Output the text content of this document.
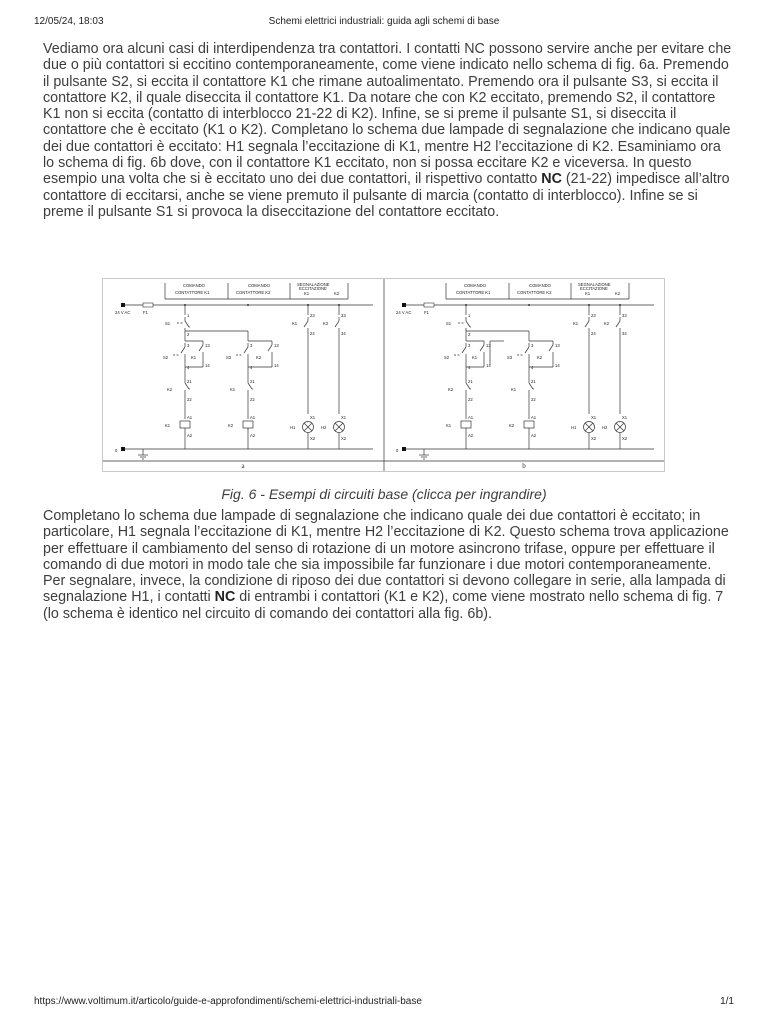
12/05/24, 18:03	Schemi elettrici industriali: guida agli schemi di base

Vediamo ora alcuni casi di interdipendenza tra contattori. I contatti NC possono servire anche per evitare che due o più contattori si eccitino contemporaneamente, come viene indicato nello schema di fig. 6a. Premendo il pulsante S2, si eccita il contattore K1 che rimane autoalimentato. Premendo ora il pulsante S3, si eccita il contattore K2, il quale diseccita il contattore K1. Da notare che con K2 eccitato, premendo S2, il contattore K1 non si eccita (contatto di interblocco 21-22 di K2). Infine, se si preme il pulsante S1, si diseccita il contattore che è eccitato (K1 o K2). Completano lo schema due lampade di segnalazione che indicano quale dei due contattori è eccitato: H1 segnala l’eccitazione di K1, mentre H2 l’eccitazione di K2. Esaminiamo ora lo schema di fig. 6b dove, con il contattore K1 eccitato, non si possa eccitare K2 e viceversa. In questo esempio una volta che si è eccitato uno dei due contattori, il rispettivo contatto NC (21-22) impedisce all’altro contattore di eccitarsi, anche se viene premuto il pulsante di marcia (contatto di interblocco). Infine se si preme il pulsante S1 si provoca la diseccitazione del contattore eccitato.

COMANDO
CONTATTORE K1
COMANDO
CONTATTORE K2
SEGNALAZIONE
ECCITAZIONE
K1	K2
24 V AC	F1
0
1
S1
2
3
S2
4
13
14
K1
21
K2
22
A1
K1
A2
3
S3
13
14
K2
4
21
K1
22
A1
K2
A2
23
K1
24
X1
H1
X2
33
K2
34
X1
H2
X2
a
COMANDO
CONTATTORE K1
COMANDO
CONTATTORE K2
SEGNALAZIONE
ECCITAZIONE
K1	K2
24 V AC	F1
0
1
S1
2
3
S2
4
13
14
K1
21
K2
22
A1
K1
A2
3
S3
13
14
K2
4
21
K1
22
A1
K2
A2
23
K1
24
X1
H1
X2
33
K2
34
X1
H2
X2
b
Fig. 6 - Esempi di circuiti base (clicca per ingrandire)

Completano lo schema due lampade di segnalazione che indicano quale dei due contattori è eccitato; in particolare, H1 segnala l’eccitazione di K1, mentre H2 l’eccitazione di K2. Questo schema trova applicazione per effettuare il cambiamento del senso di rotazione di un motore asincrono trifase, oppure per effettuare il comando di due motori in modo tale che sia impossibile far funzionare i due motori contemporaneamente. Per segnalare, invece, la condizione di riposo dei due contattori si devono collegare in serie, alla lampada di segnalazione H1, i contatti NC di entrambi i contattori (K1 e K2), come viene mostrato nello schema di fig. 7 (lo schema è identico nel circuito di comando dei contattori alla fig. 6b).

https://www.voltimum.it/articolo/guide-e-approfondimenti/schemi-elettrici-industriali-base	1/1
